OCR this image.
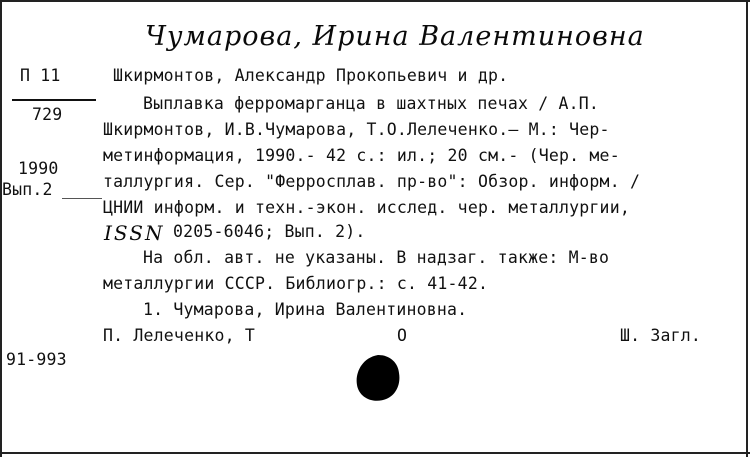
Чумарова, Ирина Валентиновна
П 11
729
1990
Вып.2
Шкирмонтов, Александр Прокопьевич и др.
Выплавка ферромарганца в шахтных печах / А.П.
Шкирмонтов, И.В.Чумарова, Т.О.Лелеченко.— М.: Чер-
метинформация, 1990.- 42 с.: ил.; 20 см.- (Чер. ме-
таллургия. Сер. "Ферросплав. пр-во": Обзор. информ. /
ЦНИИ информ. и техн.-экон. исслед. чер. металлургии,
ISSN 0205-6046; Вып. 2).
На обл. авт. не указаны. В надзаг. также: М-во
металлургии СССР. Библиогр.: с. 41-42.
1. Чумарова, Ирина Валентиновна.
П. Лелеченко, Т	О	Ш. Загл.
91-993
